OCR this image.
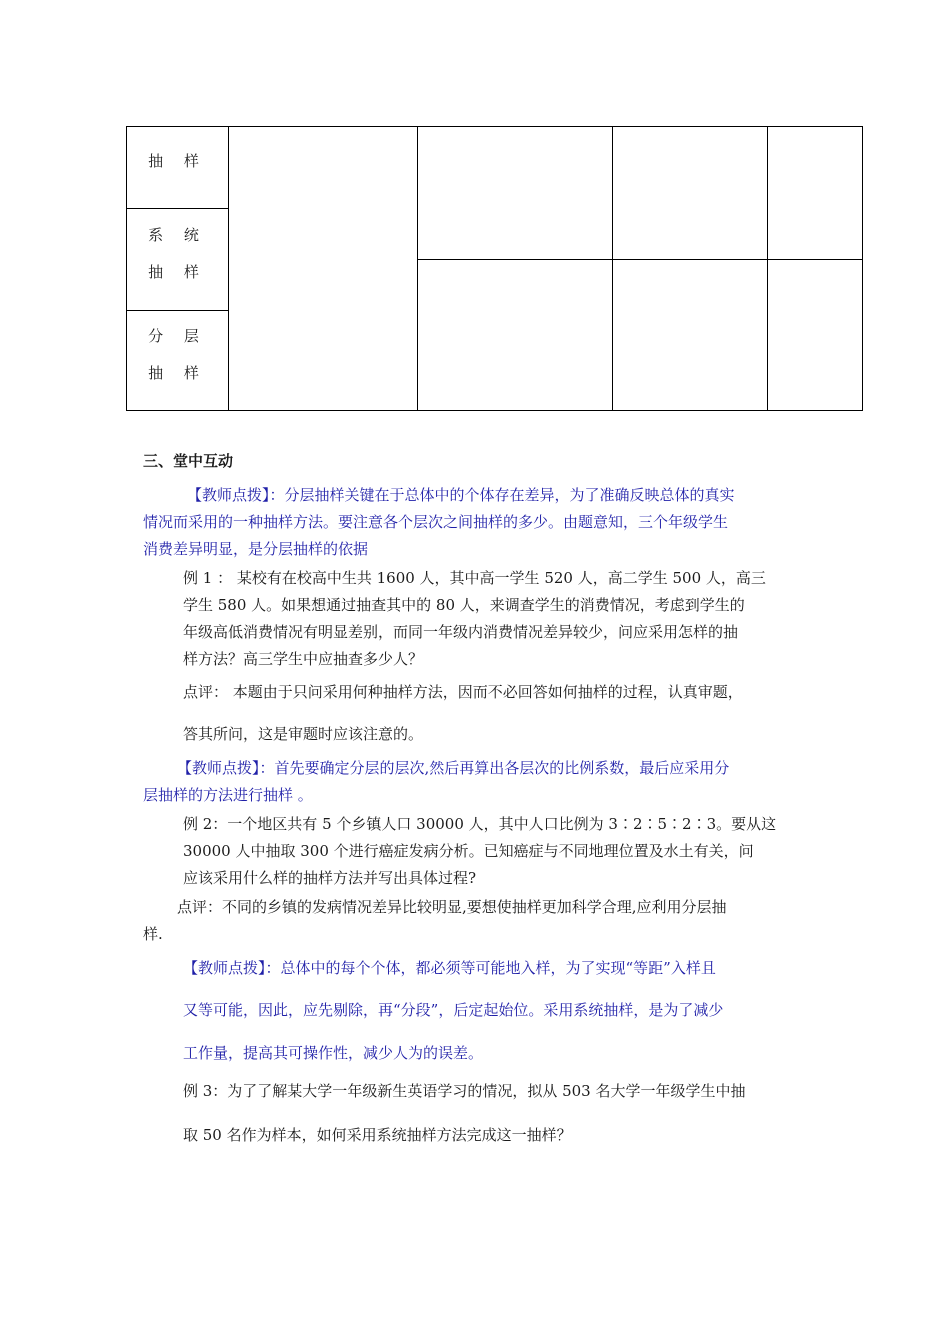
抽 样
系 统
抽 样
分 层
抽 样
三、堂中互动
【教师点拨】：分层抽样关键在于总体中的个体存在差异，为了准确反映总体的真实
情况而采用的一种抽样方法。要注意各个层次之间抽样的多少。由题意知，三个年级学生
消费差异明显，是分层抽样的依据
例 1 ： 某校有在校高中生共 1600 人，其中高一学生 520 人，高二学生 500 人，高三
学生 580 人。如果想通过抽查其中的 80 人，来调查学生的消费情况，考虑到学生的
年级高低消费情况有明显差别，而同一年级内消费情况差异较少，问应采用怎样的抽
样方法？高三学生中应抽查多少人？
点评： 本题由于只问采用何种抽样方法，因而不必回答如何抽样的过程，认真审题，
答其所问，这是审题时应该注意的。
【教师点拨】：首先要确定分层的层次,然后再算出各层次的比例系数，最后应采用分
层抽样的方法进行抽样 。
例 2：一个地区共有 5 个乡镇人口 30000 人，其中人口比例为 3∶2∶5∶2∶3。要从这
30000 人中抽取 300 个进行癌症发病分析。已知癌症与不同地理位置及水土有关，问
应该采用什么样的抽样方法并写出具体过程?
点评：不同的乡镇的发病情况差异比较明显,要想使抽样更加科学合理,应利用分层抽
样.
【教师点拨】：总体中的每个个体，都必须等可能地入样，为了实现“等距”入样且
又等可能，因此，应先剔除，再“分段”，后定起始位。采用系统抽样，是为了减少
工作量，提高其可操作性，减少人为的误差。
例 3：为了了解某大学一年级新生英语学习的情况，拟从 503 名大学一年级学生中抽
取 50 名作为样本，如何采用系统抽样方法完成这一抽样？
